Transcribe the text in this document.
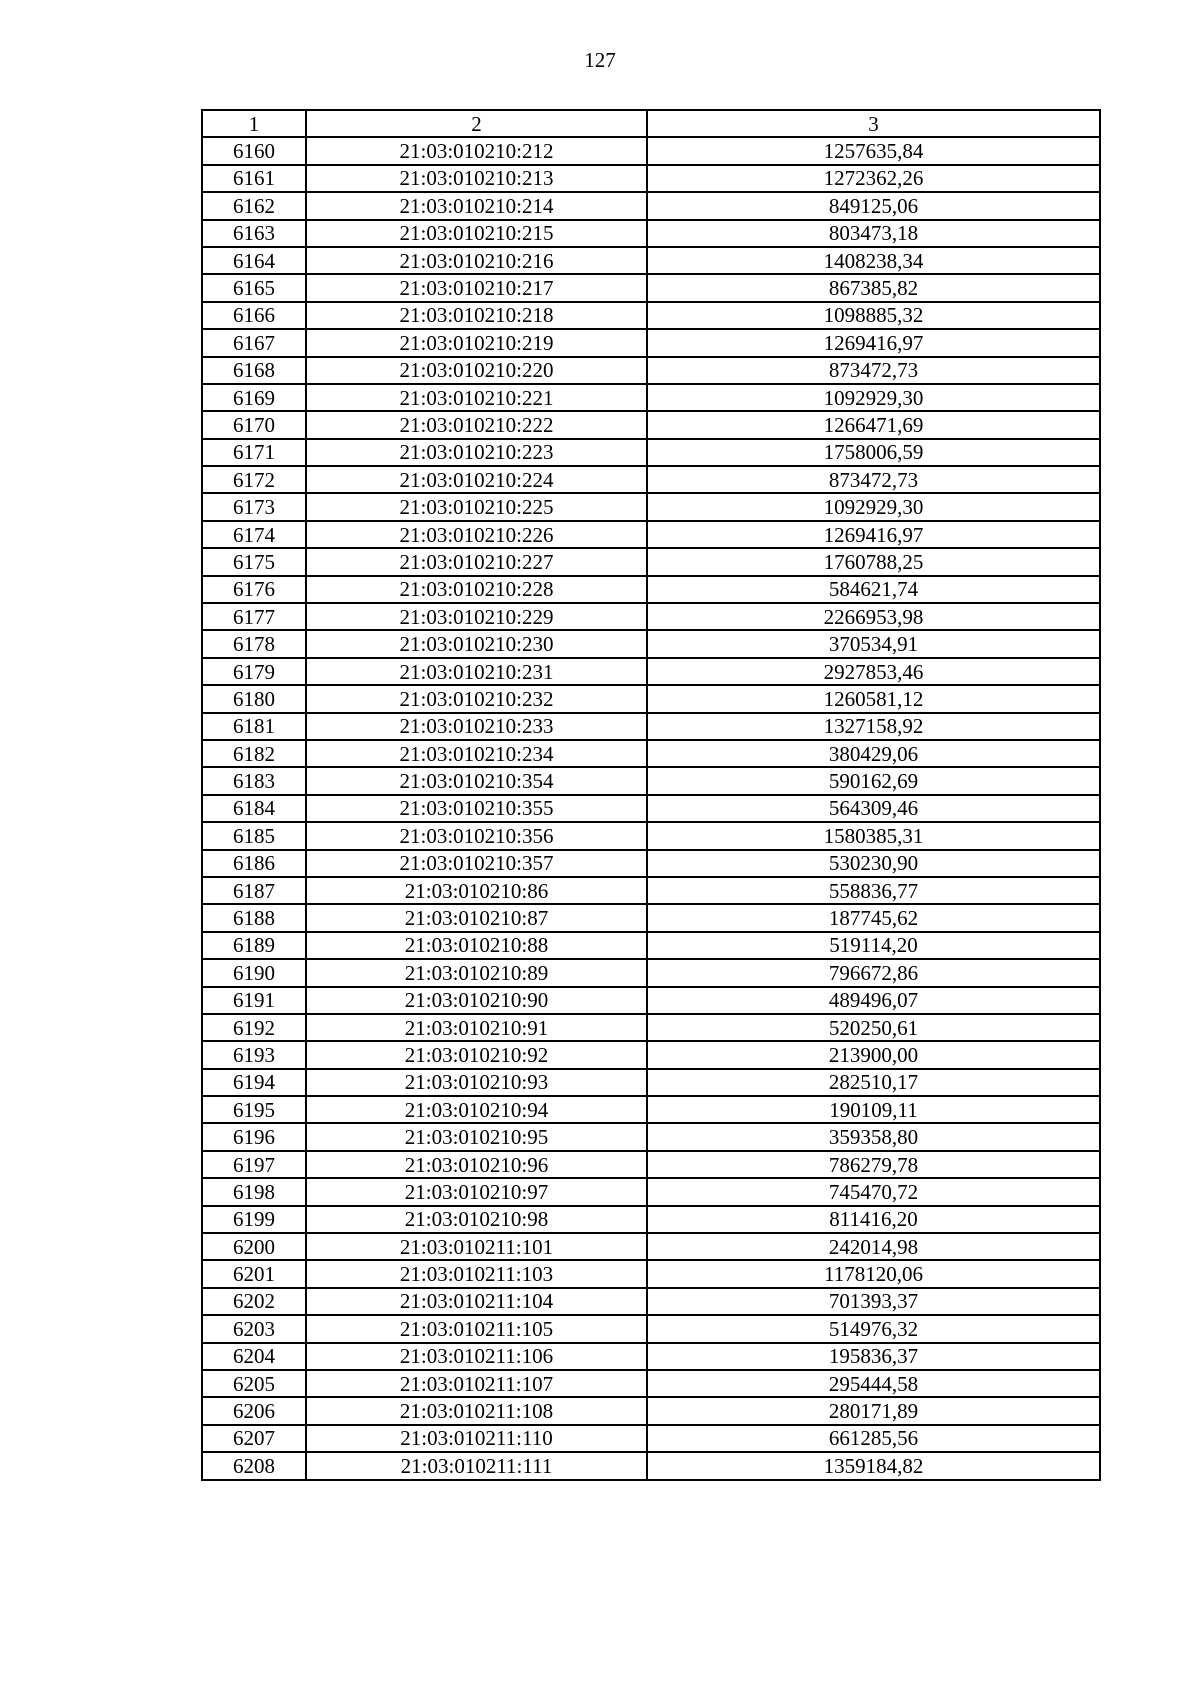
127
1	2	3
6160	21:03:010210:212	1257635,84
6161	21:03:010210:213	1272362,26
6162	21:03:010210:214	849125,06
6163	21:03:010210:215	803473,18
6164	21:03:010210:216	1408238,34
6165	21:03:010210:217	867385,82
6166	21:03:010210:218	1098885,32
6167	21:03:010210:219	1269416,97
6168	21:03:010210:220	873472,73
6169	21:03:010210:221	1092929,30
6170	21:03:010210:222	1266471,69
6171	21:03:010210:223	1758006,59
6172	21:03:010210:224	873472,73
6173	21:03:010210:225	1092929,30
6174	21:03:010210:226	1269416,97
6175	21:03:010210:227	1760788,25
6176	21:03:010210:228	584621,74
6177	21:03:010210:229	2266953,98
6178	21:03:010210:230	370534,91
6179	21:03:010210:231	2927853,46
6180	21:03:010210:232	1260581,12
6181	21:03:010210:233	1327158,92
6182	21:03:010210:234	380429,06
6183	21:03:010210:354	590162,69
6184	21:03:010210:355	564309,46
6185	21:03:010210:356	1580385,31
6186	21:03:010210:357	530230,90
6187	21:03:010210:86	558836,77
6188	21:03:010210:87	187745,62
6189	21:03:010210:88	519114,20
6190	21:03:010210:89	796672,86
6191	21:03:010210:90	489496,07
6192	21:03:010210:91	520250,61
6193	21:03:010210:92	213900,00
6194	21:03:010210:93	282510,17
6195	21:03:010210:94	190109,11
6196	21:03:010210:95	359358,80
6197	21:03:010210:96	786279,78
6198	21:03:010210:97	745470,72
6199	21:03:010210:98	811416,20
6200	21:03:010211:101	242014,98
6201	21:03:010211:103	1178120,06
6202	21:03:010211:104	701393,37
6203	21:03:010211:105	514976,32
6204	21:03:010211:106	195836,37
6205	21:03:010211:107	295444,58
6206	21:03:010211:108	280171,89
6207	21:03:010211:110	661285,56
6208	21:03:010211:111	1359184,82
